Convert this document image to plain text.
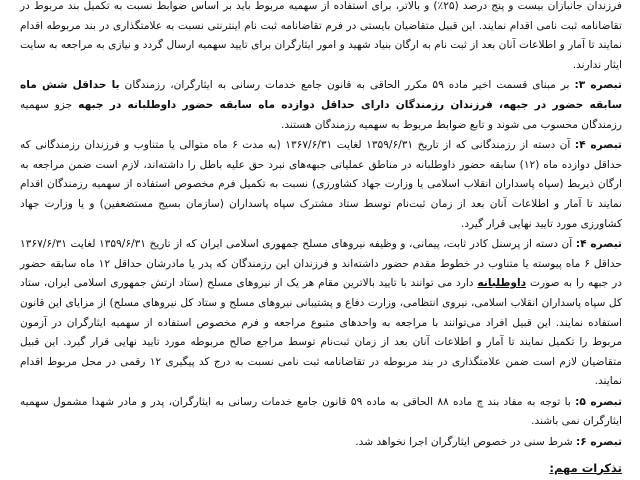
فرزندان جانبازان بیست و پنج درصد (۲۵٪) و بالاتر، برای استفاده از سهمیه مربوط باید بر اساس ضوابط نسبت به تکمیل بند مربوط در تقاضانامه ثبت نامی اقدام نمایند. این قبیل متقاضیان بایستی در فرم تقاضانامه ثبت نام اینترنتی نسبت به علامتگذاری در بند مربوطه اقدام نمایند تا آمار و اطلاعات آنان بعد از ثبت نام به ارگان بنیاد شهید و امور ایثارگران برای تایید سهمیه ارسال گردد و نیازی به مراجعه به سایت ایثار ندارند.

تبصره ۳: بر مبنای قسمت اخیر ماده ۵۹ مکرر الحاقی به قانون جامع خدمات رسانی به ایثارگران، رزمندگان با حداقل شش ماه سابقه حضور در جبهه، فرزندان رزمندگان دارای حداقل دوازده ماه سابقه حضور داوطلبانه در جبهه جزو سهمیه رزمندگان محسوب می شوند و تابع ضوابط مربوط به سهمیه رزمندگان هستند.

تبصره ۴: آن دسته از رزمندگانی که از تاریخ ۱۳۵۹/۶/۳۱ لغایت ۱۳۶۷/۶/۳۱ (به مدت ۶ ماه متوالی یا متناوب و فرزندان رزمندگانی که حداقل دوازده ماه (۱۲) سابقه حضور داوطلبانه در مناطق عملیاتی جبهه‌های نبرد حق علیه باطل را داشته‌اند، لازم است ضمن مراجعه به ارگان ذیربط (سپاه پاسداران انقلاب اسلامی یا وزارت جهاد کشاورزی) نسبت به تکمیل فرم مخصوص استفاده از سهمیه رزمندگان اقدام نمایند تا آمار و اطلاعات آنان بعد از زمان ثبت‌نام توسط ستاد مشترک سپاه پاسداران (سازمان بسیج مستضعفین) و یا وزارت جهاد کشاورزی مورد تایید نهایی قرار گیرد.

تبصره ۴: آن دسته از پرسنل کادر ثابت، پیمانی، و وظیفه نیروهای مسلح جمهوری اسلامی ایران که از تاریخ ۱۳۵۹/۶/۳۱ لغایت ۱۳۶۷/۶/۳۱ حداقل ۶ ماه پیوسته یا متناوب در خطوط مقدم حضور داشته‌اند و فرزندان این رزمندگان که پدر یا مادرشان حداقل ۱۲ ماه سابقه حضور در جبهه را به صورت داوطلبانه دارد می توانند با تایید بالاترین مقام هر یک از نیروهای مسلح (ستاد ارتش جمهوری اسلامی ایران، ستاد کل سپاه پاسداران انقلاب اسلامی، نیروی انتظامی، وزارت دفاع و پشتیبانی نیروهای مسلح و ستاد کل نیروهای مسلح) از مزایای این قانون استفاده نمایند. این قبیل افراد می‌توانند با مراجعه به واحدهای متبوع مراجعه و فرم مخصوص استفاده از سهمیه ایثارگران در آزمون مربوط را تکمیل نمایند تا آمار و اطلاعات آنان بعد از زمان ثبت‌نام توسط مراجع صالح مربوطه مورد تایید نهایی قرار گیرد. این قبیل متقاضیان لازم است ضمن علامتگذاری در بند مربوطه در تقاضانامه ثبت نامی نسبت به درج کد پیگیری ۱۲ رقمی در محل مربوط اقدام نمایند.

تبصره ۵: با توجه به مفاد بند چ ماده ۸۸ الحاقی به ماده ۵۹ قانون جامع خدمات رسانی به ایثارگران، پدر و مادر شهدا مشمول سهمیه ایثارگران نمی باشند.

تبصره ۶: شرط سنی در خصوص ایثارگران اجرا نخواهد شد.

تذکرات مهم:
